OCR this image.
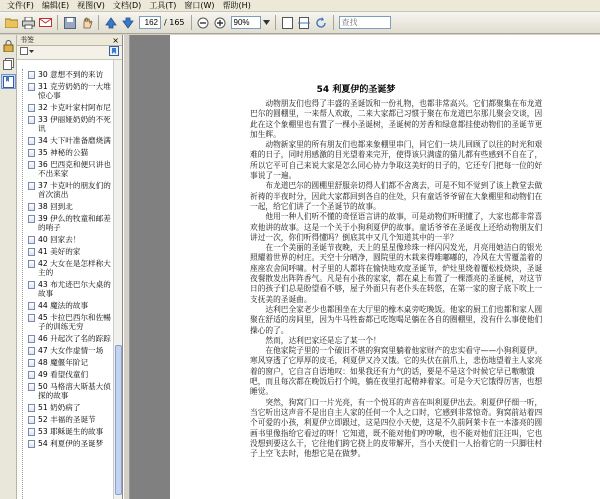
文件(F)	编辑(E)	视图(V)	文档(D)	工具(T)	窗口(W)	帮助(H)
162
/ 165
90%
查找
书签	×
30 意想不到的来访
31 克劳奶奶的一大堆惊心事
32 卡克叶家村阿布尼
33 伊丽娅奶奶的不死讯
34 大下叶准备磨烧满
35 神秘的公猫
36 巴西克和便只讲也不出来家
37 卡克叶的朋友们的首次演出
38 回到北
39 伊么的牧童和邮差的哨子
40 回家去！
41 美好的家
42 大女在是怎样称大主的
43 布尤迹巴尔大桌的故事
44 魔法的故事
45 卡拉巴西尔和佐暢子的训练无穷
46 升起次了名的踪踪
47 大女作虚情一场
48 魔偃年阶记
49 看望伐童们
50 马格溶大斯基大侦探的故事
51 奶奶病了
52 丰福的圣诞节
53 耶稣诞生的故事
54 利夏伊的圣诞梦
54 利夏伊的圣诞梦

动物朋友们也得了丰盛的圣诞饭和一份礼物，也都非常高兴。它们都聚集在布龙道巴尔的圆棚里，一来帮人欢敢，二来大家都已习惯于聚在布龙道巴尔那儿聚会交谈，因此在这个象棚里也有置了一棵小圣诞树，圣诞树的芳香和绿意都挂使动物们的圣诞节更加生辉。

动物新家里的所有朋友们也都来象棚里串门，同它们一块儿回顾了以往的时光和艰难的日子，同时用感激的目光望着来完开，使得该只满虚的猫儿都有些感到不自在了，所以它平可自己来说大家是怎么同心协力争取这美好的日子的，它还专门把每一位的好事说了一遍。

布龙道巴尔的圆棚里舒服亲切得人们都不舍离去，可是不知不觉到了该上教堂去做祈祷的半夜时分，因此大家都回到各自的住处，只有童话爷爷留在大象棚里和动物们在一起，给它们讲了一个圣诞节的故事。

他用一种人们听不懂的奇怪语言讲的故事，可是动物们听明懂了，大家也都非常喜欢他讲的故事。这是一个关于小狗利夏伊的故事。童话爷爷在圣诞夜上还给动物朋友们讲过一次，你们听得懂吗？倒底其中又几个知道其中的一半？

在一个美丽的圣诞节夜晚，天上的星星像珍珠一样闪闪发光，月亮用她洁白的银光照耀着世界的村庄。天空十分晴净，圆院里的木栽来得唯嘟嘟的，冷风在大雪覆盖着的座座农舍间呼啸。村子里的人都将在愉快地欢度圣诞节，炉灶里烧着覆松枝烧块，圣诞夜餐散发出阵阵香气。凡是有小孩的家家，都在桌上布置了一棵漂亮的圣诞树，对这节日的孩子们总是盼望看不够，屋子外面只有老仆头在转悠，在第一家的窗子底下吹上一支抚美的圣诞曲。

达利巴全家老少也都围坐在大厅里的橡木桌旁吃晚饭。他家的厨工们也都和家人圆聚在舒适的房间里，因为牛马牲畜都已吃饱喝足躺在各自的圈棚里，没有什么事使他们操心的了。

然而，达利巴家还是忘了某一个！

在他家院子里的一个破旧不堪的狗窝里躺着他家财产的忠实看守——小狗利夏伊。寒风穿透了它厚厚的皮毛，利夏伊又冷又饿。它的头伏在前爪上，悲伤地望着主人家亮着的窗户，它自言自语地叹：如果我还有力气的话，要是不是这个时候它早已嗷嗷饿吧，而且每次都在晚饭后打个盹，躺在夜里打起精神着家。可是今天它饿得厉害，也想睡觉。

突然，狗窝门口一片光亮，有一个悦耳的声音在叫利夏伊出去。利夏伊仔细一听，当它听出这声音不是出自主人家的任何一个人之口时，它感到非常惊奇。狗窝前站着四个可爱的小孩，利夏伊立即跟过，这是四位小天使，这是不久前阿莱卡在一本漆亮的圆画书里像指给它看过的呀！它知道，既不能对他们哼哼啾，也不能对他们汪汪叫，它也没想到要这么干，它往他们跨它挠上的皮带解开，当小天使们一人抬着它的一只脚往村子上空飞去时，他想它是在做梦。
